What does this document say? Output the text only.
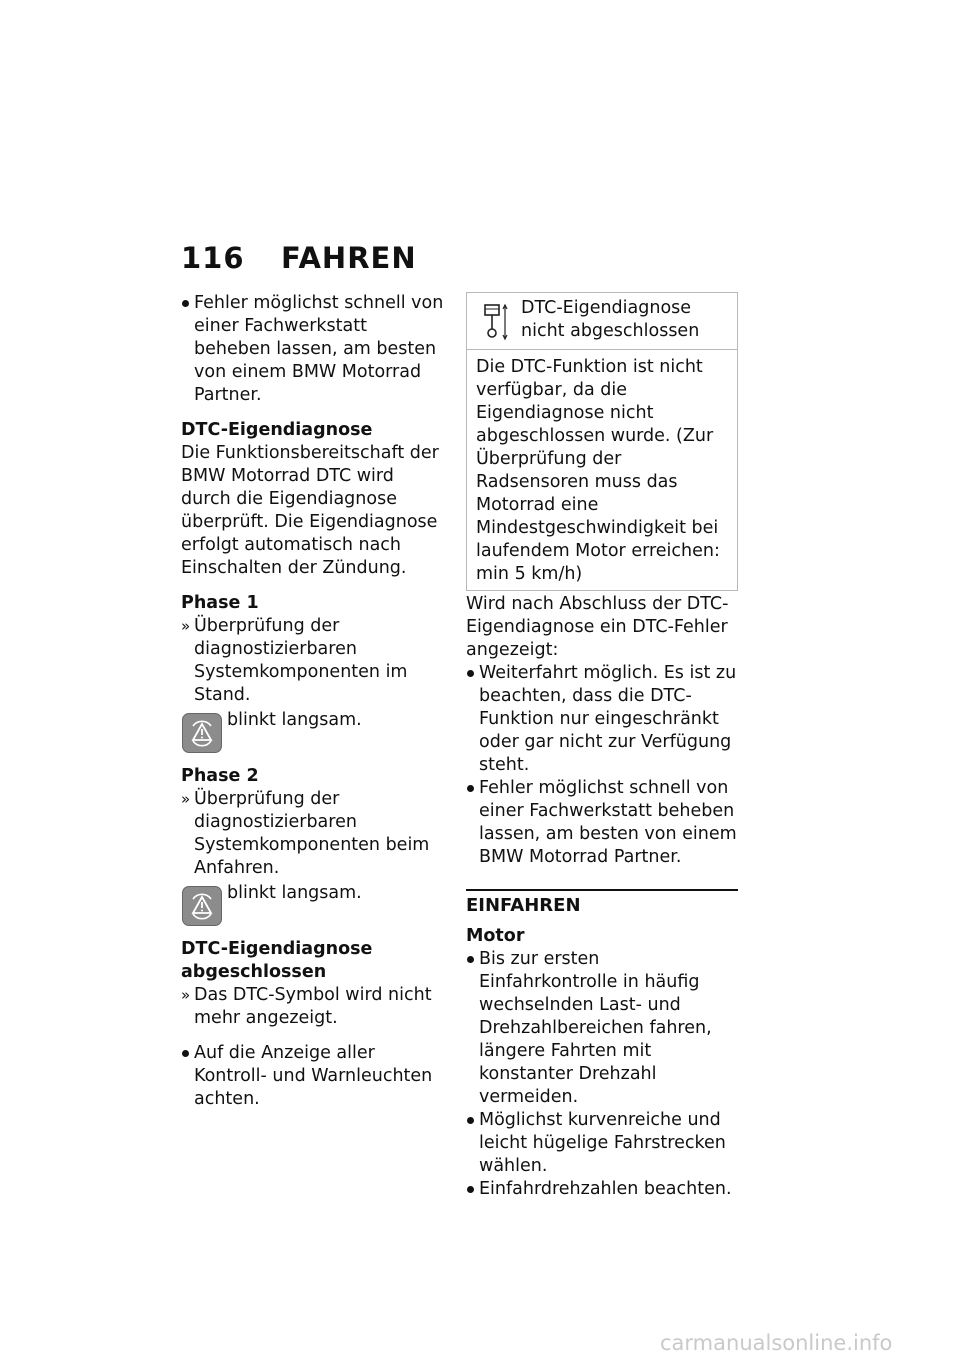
116 FAHREN

Fehler möglichst schnell von einer Fachwerkstatt beheben lassen, am besten von einem BMW Motorrad Partner.

DTC-Eigendiagnose

Die Funktionsbereitschaft der BMW Motorrad DTC wird durch die Eigendiagnose überprüft. Die Eigendiagnose erfolgt automatisch nach Einschalten der Zündung.

Phase 1

» Überprüfung der diagnostizierbaren Systemkomponenten im Stand.

blinkt langsam.

Phase 2

» Überprüfung der diagnostizierbaren Systemkomponenten beim Anfahren.

blinkt langsam.

DTC-Eigendiagnose abgeschlossen

» Das DTC-Symbol wird nicht mehr angezeigt.

Auf die Anzeige aller Kontroll- und Warnleuchten achten.

DTC-Eigendiagnose nicht abgeschlossen
Die DTC-Funktion ist nicht verfügbar, da die Eigendiagnose nicht abgeschlossen wurde. (Zur Überprüfung der Radsensoren muss das Motorrad eine Mindestgeschwindigkeit bei laufendem Motor erreichen: min 5 km/h)

Wird nach Abschluss der DTC-Eigendiagnose ein DTC-Fehler angezeigt:

Weiterfahrt möglich. Es ist zu beachten, dass die DTC-Funktion nur eingeschränkt oder gar nicht zur Verfügung steht.

Fehler möglichst schnell von einer Fachwerkstatt beheben lassen, am besten von einem BMW Motorrad Partner.

EINFAHREN

Motor

Bis zur ersten Einfahrkontrolle in häufig wechselnden Last- und Drehzahlbereichen fahren, längere Fahrten mit konstanter Drehzahl vermeiden.

Möglichst kurvenreiche und leicht hügelige Fahrstrecken wählen.

Einfahrdrehzahlen beachten.

carmanualsonline.info
